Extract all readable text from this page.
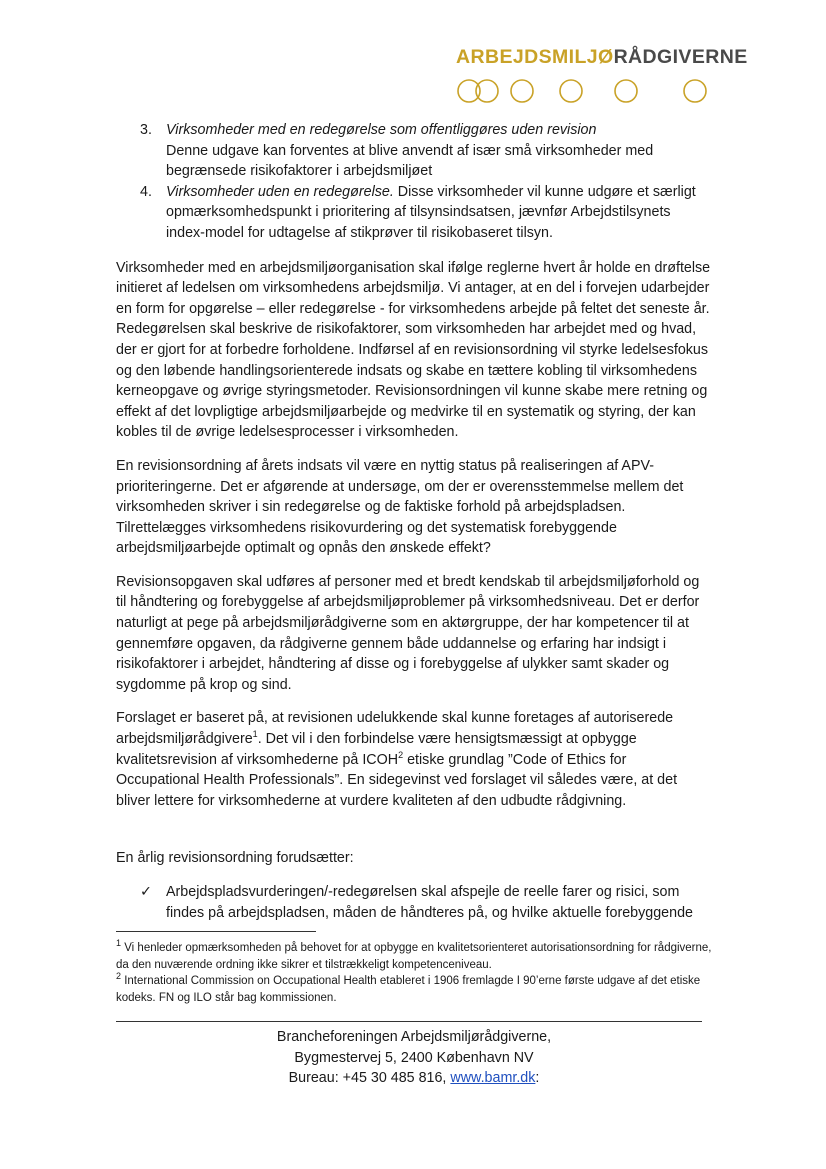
ARBEJDSMILJØRÅDGIVERNE
3. Virksomheder med en redegørelse som offentliggøres uden revision
Denne udgave kan forventes at blive anvendt af især små virksomheder med begrænsede risikofaktorer i arbejdsmiljøet
4. Virksomheder uden en redegørelse. Disse virksomheder vil kunne udgøre et særligt opmærksomhedspunkt i prioritering af tilsynsindsatsen, jævnfør Arbejdstilsynets index-model for udtagelse af stikprøver til risikobaseret tilsyn.

Virksomheder med en arbejdsmiljøorganisation skal ifølge reglerne hvert år holde en drøftelse initieret af ledelsen om virksomhedens arbejdsmiljø. Vi antager, at en del i forvejen udarbejder en form for opgørelse – eller redegørelse - for virksomhedens arbejde på feltet det seneste år. Redegørelsen skal beskrive de risikofaktorer, som virksomheden har arbejdet med og hvad, der er gjort for at forbedre forholdene. Indførsel af en revisionsordning vil styrke ledelsesfokus og den løbende handlingsorienterede indsats og skabe en tættere kobling til virksomhedens kerneopgave og øvrige styringsmetoder. Revisionsordningen vil kunne skabe mere retning og effekt af det lovpligtige arbejdsmiljøarbejde og medvirke til en systematik og styring, der kan kobles til de øvrige ledelsesprocesser i virksomheden.

En revisionsordning af årets indsats vil være en nyttig status på realiseringen af APV-prioriteringerne. Det er afgørende at undersøge, om der er overensstemmelse mellem det virksomheden skriver i sin redegørelse og de faktiske forhold på arbejdspladsen. Tilrettelægges virksomhedens risikovurdering og det systematisk forebyggende arbejdsmiljøarbejde optimalt og opnås den ønskede effekt?

Revisionsopgaven skal udføres af personer med et bredt kendskab til arbejdsmiljøforhold og til håndtering og forebyggelse af arbejdsmiljøproblemer på virksomhedsniveau. Det er derfor naturligt at pege på arbejdsmiljørådgiverne som en aktørgruppe, der har kompetencer til at gennemføre opgaven, da rådgiverne gennem både uddannelse og erfaring har indsigt i risikofaktorer i arbejdet, håndtering af disse og i forebyggelse af ulykker samt skader og sygdomme på krop og sind.

Forslaget er baseret på, at revisionen udelukkende skal kunne foretages af autoriserede arbejdsmiljørådgivere$^1$. Det vil i den forbindelse være hensigtsmæssigt at opbygge kvalitetsrevision af virksomhederne på ICOH$^2$ etiske grundlag ”Code of Ethics for Occupational Health Professionals”. En sidegevinst ved forslaget vil således være, at det bliver lettere for virksomhederne at vurdere kvaliteten af den udbudte rådgivning.

En årlig revisionsordning forudsætter:

✓ Arbejdspladsvurderingen/-redegørelsen skal afspejle de reelle farer og risici, som findes på arbejdspladsen, måden de håndteres på, og hvilke aktuelle forebyggende
$^1$ Vi henleder opmærksomheden på behovet for at opbygge en kvalitetsorienteret autorisationsordning for rådgiverne, da den nuværende ordning ikke sikrer et tilstrækkeligt kompetenceniveau.
$^2$ International Commission on Occupational Health etableret i 1906 fremlagde I 90’erne første udgave af det etiske kodeks. FN og ILO står bag kommissionen.
Brancheforeningen Arbejdsmiljørådgiverne,
Bygmestervej 5, 2400 København NV
Bureau: +45 30 485 816, www.bamr.dk:
